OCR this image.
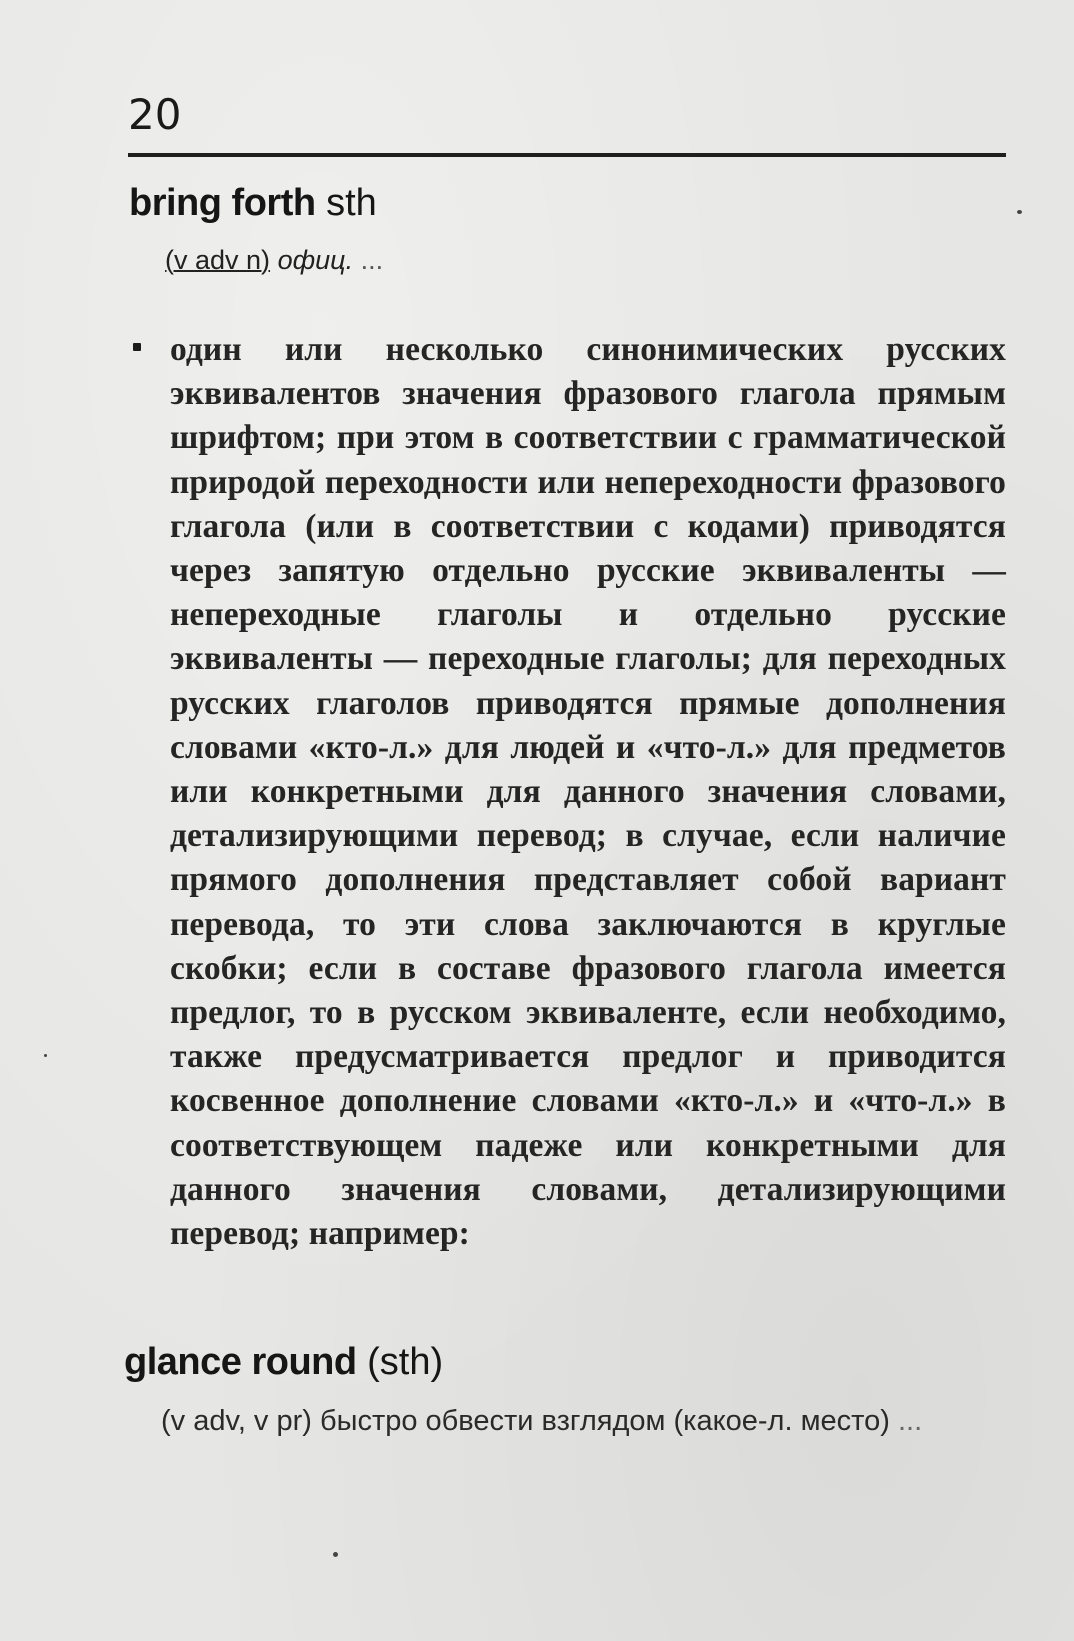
20
bring forth sth
(v adv n) офиц. ...
один или несколько синонимических русских эквивалентов значения фразового глагола прямым шрифтом; при этом в соответствии с грамматической природой переходности или непереходности фразового глагола (или в соответствии с кодами) приводятся через запятую отдельно русские эквиваленты — непереходные глаголы и отдельно русские эквиваленты — переходные глаголы; для переходных русских глаголов приводятся прямые дополнения словами «кто-л.» для людей и «что-л.» для предметов или конкретными для данного значения словами, детализирующими перевод; в случае, если наличие прямого дополнения представляет собой вариант перевода, то эти слова заключаются в круглые скобки; если в составе фразового глагола имеется предлог, то в русском эквиваленте, если необходимо, также предусматривается предлог и приводится косвенное дополнение словами «кто-л.» и «что-л.» в соответствующем падеже или конкретными для данного значения словами, детализирующими перевод; например:
glance round (sth)
(v adv, v pr) быстро обвести взглядом (какое-л. место) ...
